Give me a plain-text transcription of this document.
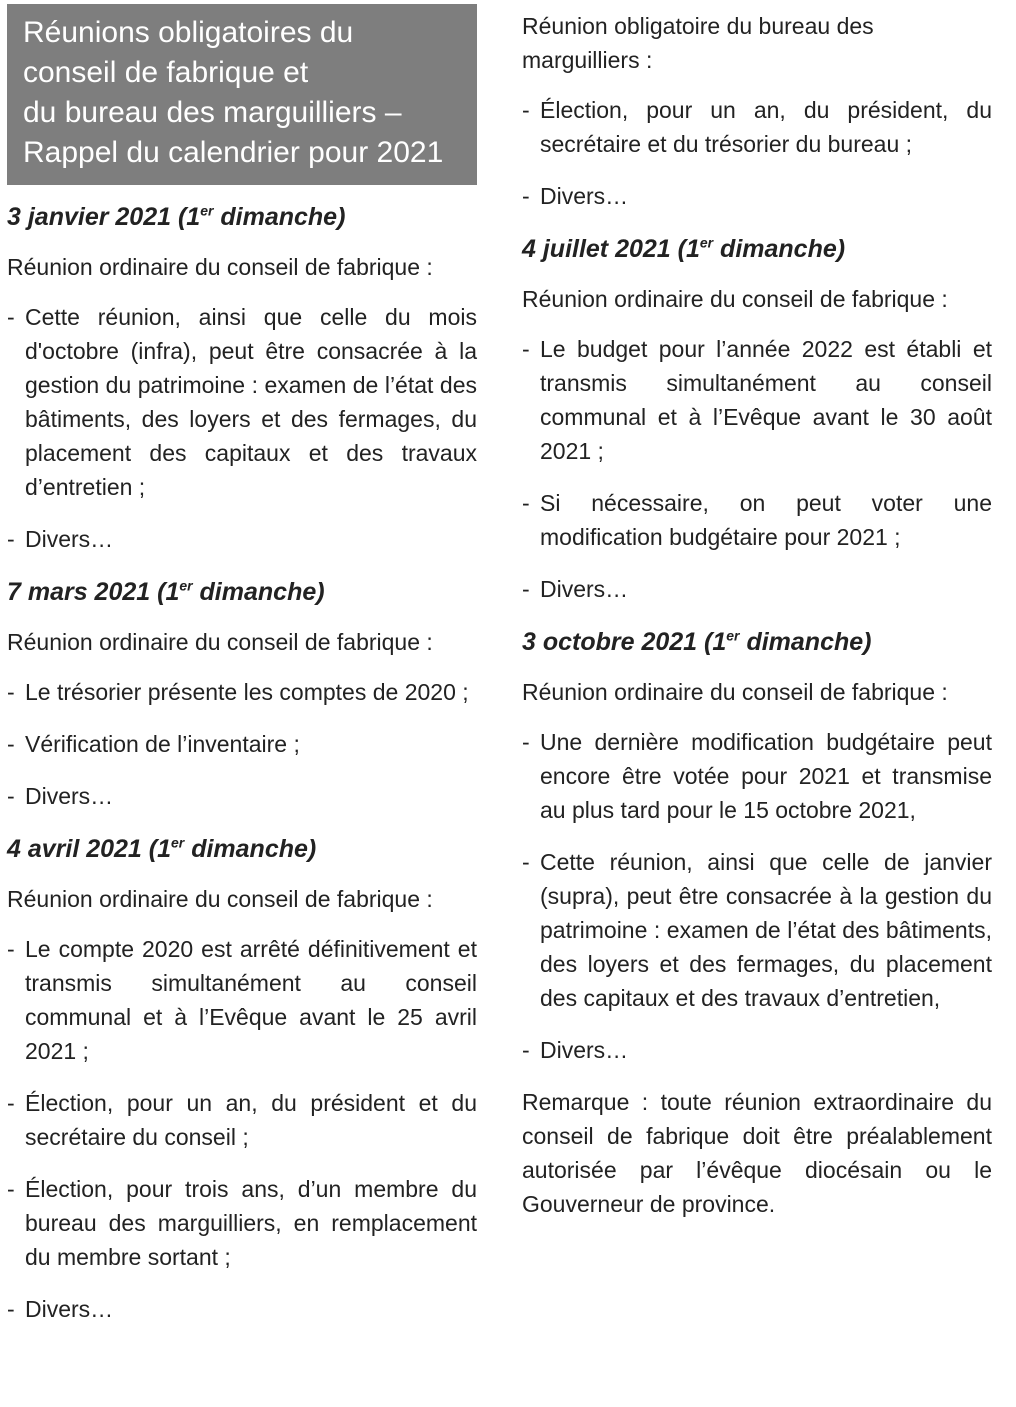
Réunions obligatoires du
conseil de fabrique et
du bureau des marguilliers –
Rappel du calendrier pour 2021
3 janvier 2021 (1er dimanche)
Réunion ordinaire du conseil de fabrique :
- Cette réunion, ainsi que celle du mois d'octobre (infra), peut être consacrée à la gestion du patrimoine : examen de l’état des bâtiments, des loyers et des fermages, du placement des capitaux et des travaux d’entretien ;
- Divers…
7 mars 2021 (1er dimanche)
Réunion ordinaire du conseil de fabrique :
- Le trésorier présente les comptes de 2020 ;
- Vérification de l’inventaire ;
- Divers…
4 avril 2021 (1er dimanche)
Réunion ordinaire du conseil de fabrique :
- Le compte 2020 est arrêté définitivement et transmis simultanément au conseil communal et à l’Evêque avant le 25 avril 2021 ;
- Élection, pour un an, du président et du secrétaire du conseil ;
- Élection, pour trois ans, d’un membre du bureau des marguilliers, en remplacement du membre sortant ;
- Divers…
Réunion obligatoire du bureau des marguilliers :
- Élection, pour un an, du président, du secrétaire et du trésorier du bureau ;
- Divers…
4 juillet 2021 (1er dimanche)
Réunion ordinaire du conseil de fabrique :
- Le budget pour l’année 2022 est établi et transmis simultanément au conseil communal et à l’Evêque avant le 30 août 2021 ;
- Si nécessaire, on peut voter une modification budgétaire pour 2021 ;
- Divers…
3 octobre 2021 (1er dimanche)
Réunion ordinaire du conseil de fabrique :
- Une dernière modification budgétaire peut encore être votée pour 2021 et transmise au plus tard pour le 15 octobre 2021,
- Cette réunion, ainsi que celle de janvier (supra), peut être consacrée à la gestion du patrimoine : examen de l’état des bâtiments, des loyers et des fermages, du placement des capitaux et des travaux d’entretien,
- Divers…
Remarque : toute réunion extraordinaire du conseil de fabrique doit être préalablement autorisée par l’évêque diocésain ou le Gouverneur de province.
